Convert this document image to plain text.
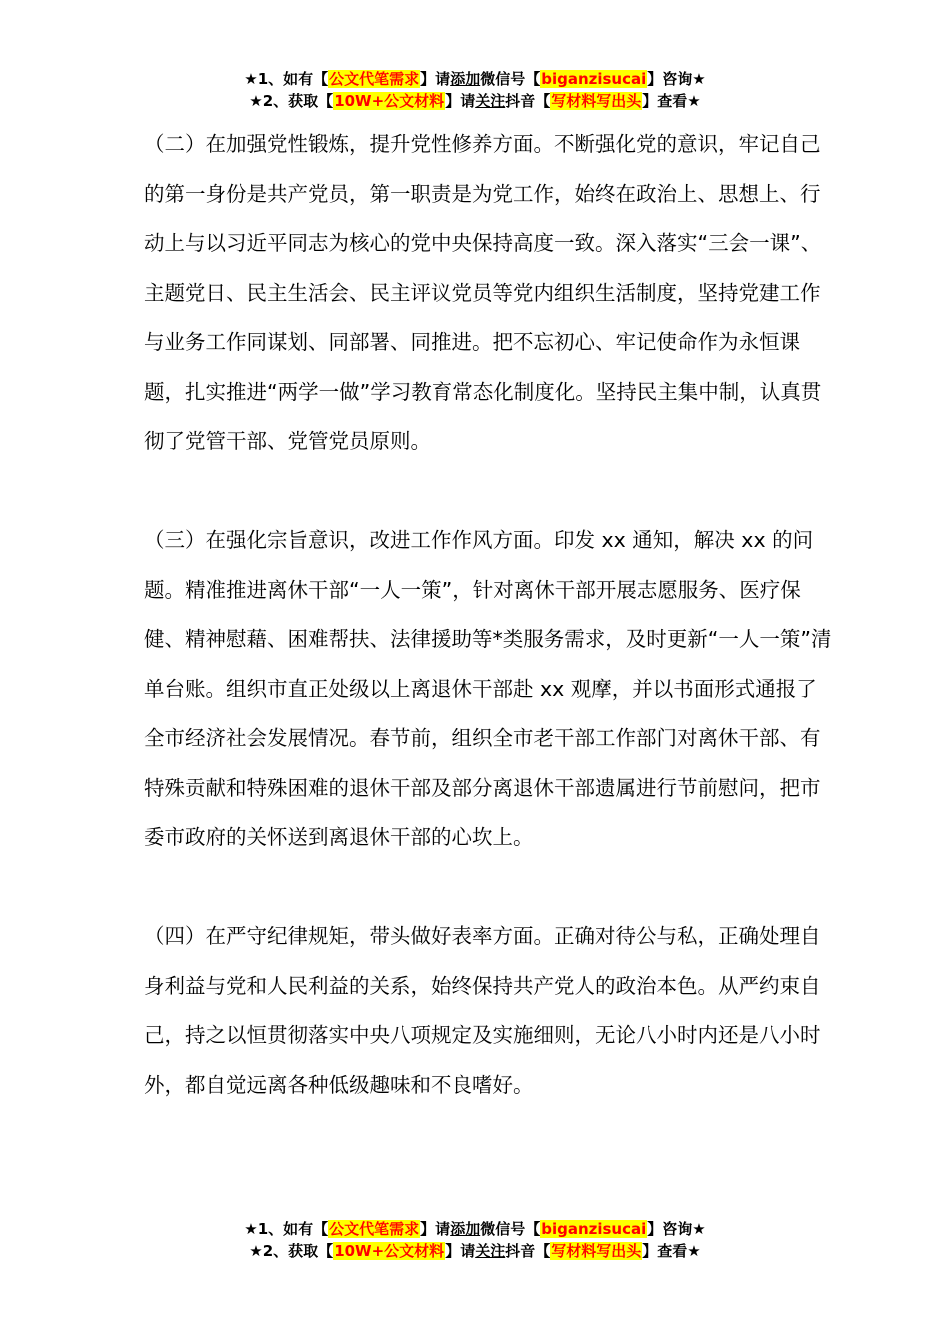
★1、如有【公文代笔需求】请添加微信号【biganzisucai】咨询★
★2、获取【10W+公文材料】请关注抖音【写材料写出头】查看★

（二）在加强党性锻炼，提升党性修养方面。不断强化党的意识，牢记自己的第一身份是共产党员，第一职责是为党工作，始终在政治上、思想上、行动上与以习近平同志为核心的党中央保持高度一致。深入落实“三会一课”、主题党日、民主生活会、民主评议党员等党内组织生活制度，坚持党建工作与业务工作同谋划、同部署、同推进。把不忘初心、牢记使命作为永恒课题，扎实推进“两学一做”学习教育常态化制度化。坚持民主集中制，认真贯彻了党管干部、党管党员原则。

（三）在强化宗旨意识，改进工作作风方面。印发 xx 通知，解决 xx 的问题。精准推进离休干部“一人一策”，针对离休干部开展志愿服务、医疗保健、精神慰藉、困难帮扶、法律援助等*类服务需求，及时更新“一人一策”清单台账。组织市直正处级以上离退休干部赴 xx 观摩，并以书面形式通报了全市经济社会发展情况。春节前，组织全市老干部工作部门对离休干部、有特殊贡献和特殊困难的退休干部及部分离退休干部遗属进行节前慰问，把市委市政府的关怀送到离退休干部的心坎上。

（四）在严守纪律规矩，带头做好表率方面。正确对待公与私，正确处理自身利益与党和人民利益的关系，始终保持共产党人的政治本色。从严约束自己，持之以恒贯彻落实中央八项规定及实施细则，无论八小时内还是八小时外，都自觉远离各种低级趣味和不良嗜好。

★1、如有【公文代笔需求】请添加微信号【biganzisucai】咨询★
★2、获取【10W+公文材料】请关注抖音【写材料写出头】查看★
